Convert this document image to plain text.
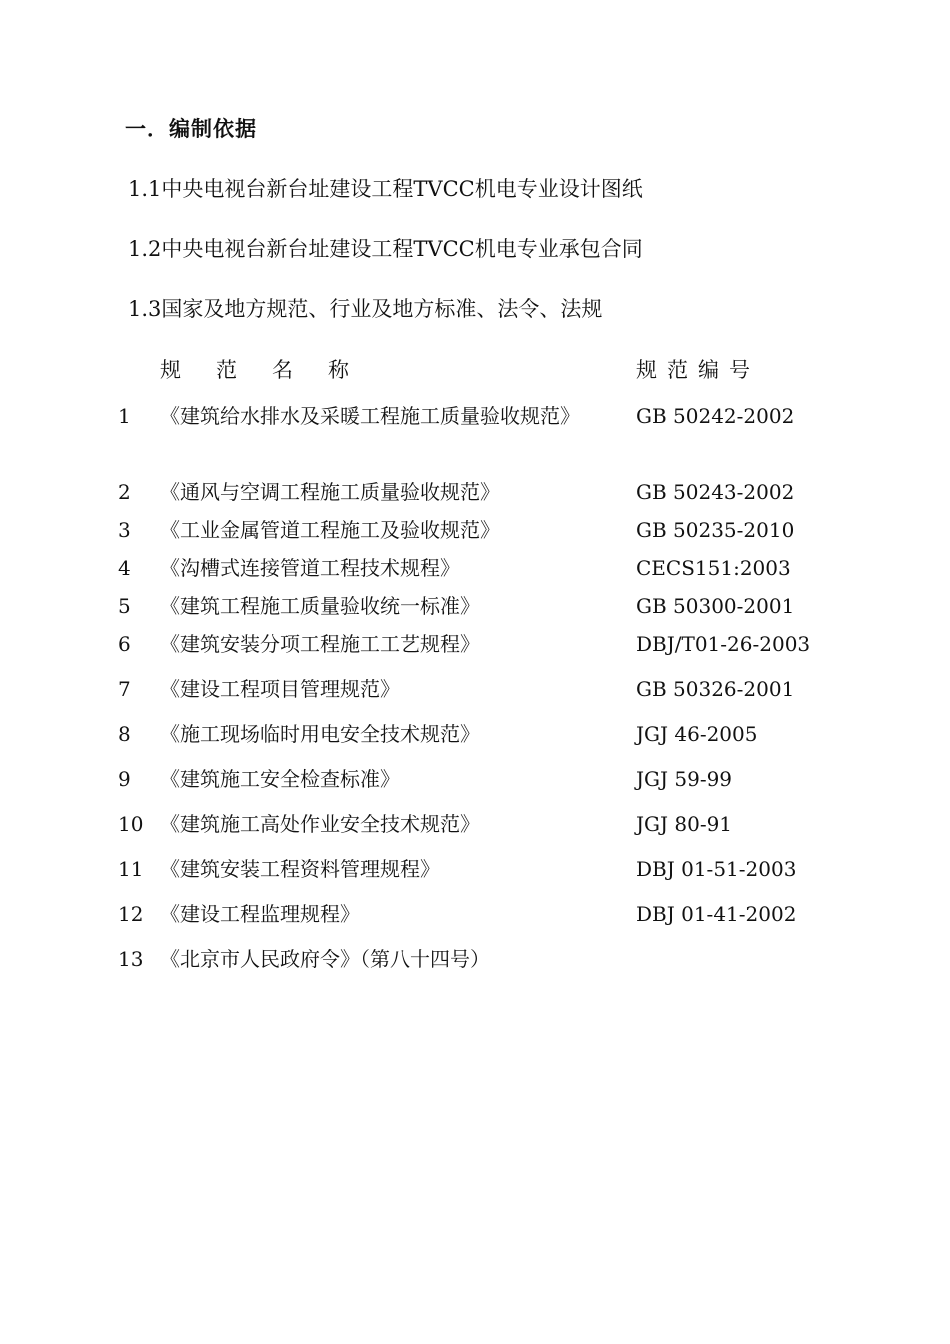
一．编制依据
1.1中央电视台新台址建设工程TVCC机电专业设计图纸
1.2中央电视台新台址建设工程TVCC机电专业承包合同
1.3国家及地方规范、行业及地方标准、法令、法规
规 范 名 称	规 范 编 号
1 《建筑给水排水及采暖工程施工质量验收规范》	GB 50242-2002
2 《通风与空调工程施工质量验收规范》	GB 50243-2002
3 《工业金属管道工程施工及验收规范》	GB 50235-2010
4 《沟槽式连接管道工程技术规程》	CECS151:2003
5 《建筑工程施工质量验收统一标准》	GB 50300-2001
6 《建筑安装分项工程施工工艺规程》	DBJ/T01-26-2003
7 《建设工程项目管理规范》	GB 50326-2001
8 《施工现场临时用电安全技术规范》	JGJ 46-2005
9 《建筑施工安全检查标准》	JGJ 59-99
10 《建筑施工高处作业安全技术规范》	JGJ 80-91
11 《建筑安装工程资料管理规程》	DBJ 01-51-2003
12 《建设工程监理规程》	DBJ 01-41-2002
13 《北京市人民政府令》（第八十四号）
